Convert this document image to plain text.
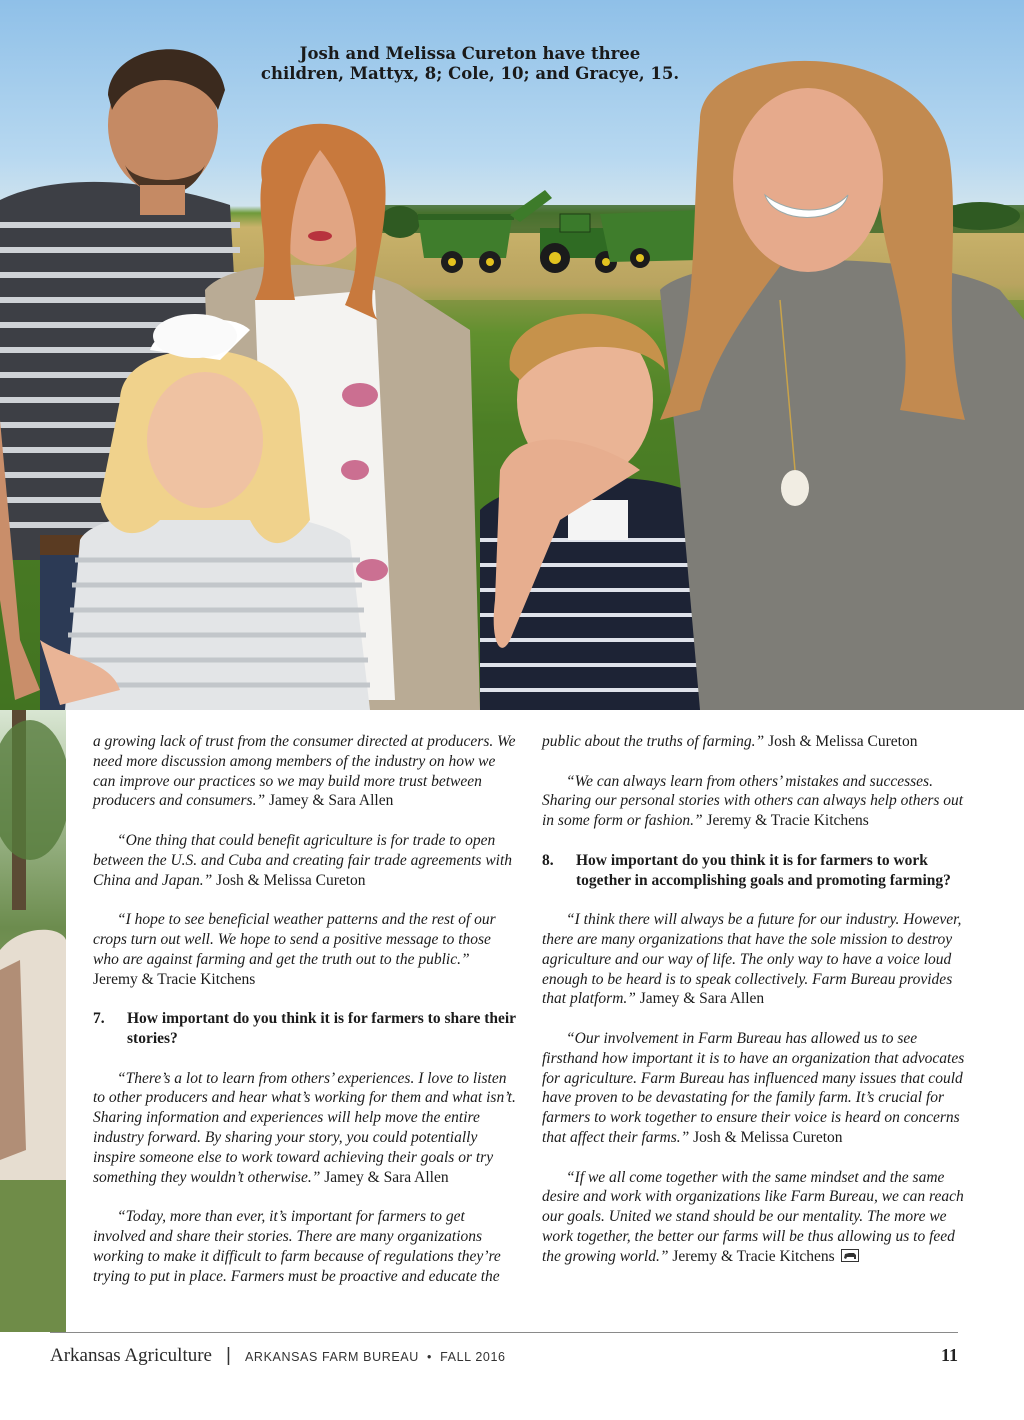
Josh and Melissa Cureton have three
children, Mattyx, 8; Cole, 10; and Gracye, 15.

a growing lack of trust from the consumer directed at producers. We need more discussion among members of the industry on how we can improve our practices so we may build more trust between producers and consumers.” Jamey & Sara Allen

“One thing that could benefit agriculture is for trade to open between the U.S. and Cuba and creating fair trade agreements with China and Japan.” Josh & Melissa Cureton

“I hope to see beneficial weather patterns and the rest of our crops turn out well. We hope to send a positive message to those who are against farming and get the truth out to the public.” Jeremy & Tracie Kitchens

7.	How important do you think it is for farmers to share their stories?

“There’s a lot to learn from others’ experiences. I love to listen to other producers and hear what’s working for them and what isn’t. Sharing information and experiences will help move the entire industry forward. By sharing your story, you could potentially inspire someone else to work toward achieving their goals or try something they wouldn’t otherwise.” Jamey & Sara Allen

“Today, more than ever, it’s important for farmers to get involved and share their stories. There are many organizations working to make it difficult to farm because of regulations they’re trying to put in place. Farmers must be proactive and educate the

public about the truths of farming.” Josh & Melissa Cureton

“We can always learn from others’ mistakes and successes. Sharing our personal stories with others can always help others out in some form or fashion.” Jeremy & Tracie Kitchens

8.	How important do you think it is for farmers to work together in accomplishing goals and promoting farming?

“I think there will always be a future for our industry. However, there are many organizations that have the sole mission to destroy agriculture and our way of life. The only way to have a voice loud enough to be heard is to speak collectively. Farm Bureau provides that platform.” Jamey & Sara Allen

“Our involvement in Farm Bureau has allowed us to see firsthand how important it is to have an organization that advocates for agriculture. Farm Bureau has influenced many issues that could have proven to be devastating for the family farm. It’s crucial for farmers to work together to ensure their voice is heard on concerns that affect their farms.” Josh & Melissa Cureton

“If we all come together with the same mindset and the same desire and work with organizations like Farm Bureau, we can reach our goals. United we stand should be our mentality. The more we work together, the better our farms will be thus allowing us to feed the growing world.” Jeremy & Tracie Kitchens

Arkansas Agriculture | ARKANSAS FARM BUREAU • FALL 2016	11
